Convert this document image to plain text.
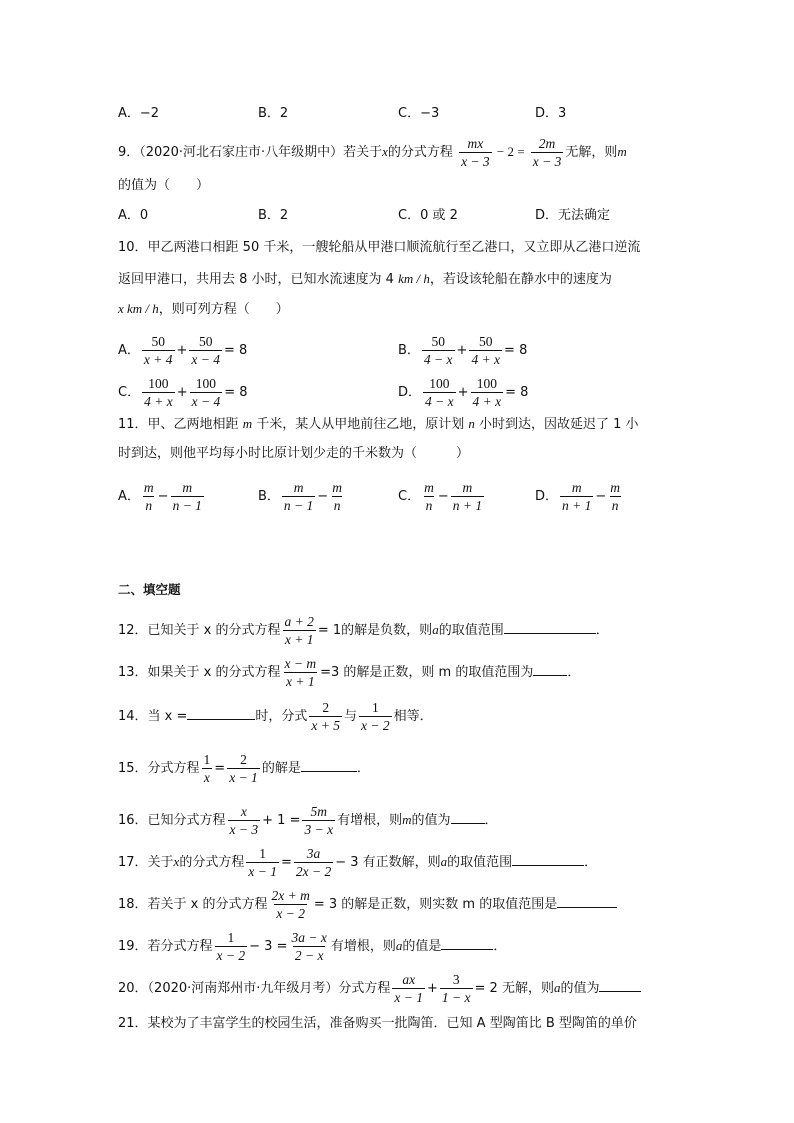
A．−2	B．2	C．−3	D．3
9．（2020·河北石家庄市·八年级期中）若关于x的分式方程 $\frac{mx}{x - 3} - 2 = \frac{2m}{x - 3}$ 无解，则m
的值为（　　）
A．0	B．2	C．0 或 2	D．无法确定
10．甲乙两港口相距 50 千米，一艘轮船从甲港口顺流航行至乙港口，又立即从乙港口逆流
返回甲港口，共用去 8 小时，已知水流速度为 4 km / h，若设该轮船在静水中的速度为
x km / h，则可列方程（　　）
A． $\frac{50}{x + 4} + \frac{50}{x - 4} = 8$	B． $\frac{50}{4 - x} + \frac{50}{4 + x} = 8$
C． $\frac{100}{4 + x} + \frac{100}{x - 4} = 8$	D． $\frac{100}{4 - x} + \frac{100}{4 + x} = 8$
11．甲、乙两地相距 m 千米，某人从甲地前往乙地，原计划 n 小时到达，因故延迟了 1 小
时到达，则他平均每小时比原计划少走的千米数为（　　　）
A． $\frac{m}{n} - \frac{m}{n - 1}$	B． $\frac{m}{n - 1} - \frac{m}{n}$	C． $\frac{m}{n} - \frac{m}{n + 1}$	D． $\frac{m}{n + 1} - \frac{m}{n}$
二、填空题
12．已知关于 x 的分式方程 $\frac{a + 2}{x + 1} = 1$的解是负数，则a的取值范围	．
13．如果关于 x 的分式方程 $\frac{x - m}{x + 1} =3$ 的解是正数，则 m 的取值范围为	．
14．当 x =	时，分式 $\frac{2}{x + 5}$ 与 $\frac{1}{x - 2}$ 相等．
15．分式方程 $\frac{1}{x} = \frac{2}{x - 1}$ 的解是	．
16．已知分式方程 $\frac{x}{x - 3} + 1 = \frac{5m}{3 - x}$ 有增根，则m的值为	．
17．关于x的分式方程 $\frac{1}{x - 1} = \frac{3a}{2x - 2} - 3$ 有正数解，则a的取值范围	．
18．若关于 x 的分式方程 $\frac{2x + m}{x - 2} = 3$ 的解是正数，则实数 m 的取值范围是
19．若分式方程 $\frac{1}{x - 2} - 3 = \frac{3a - x}{2 - x}$ 有增根，则a的值是	．
20．（2020·河南郑州市·九年级月考）分式方程 $\frac{ax}{x - 1} + \frac{3}{1 - x} = 2$ 无解，则a的值为
21．某校为了丰富学生的校园生活，准备购买一批陶笛．已知 A 型陶笛比 B 型陶笛的单价
